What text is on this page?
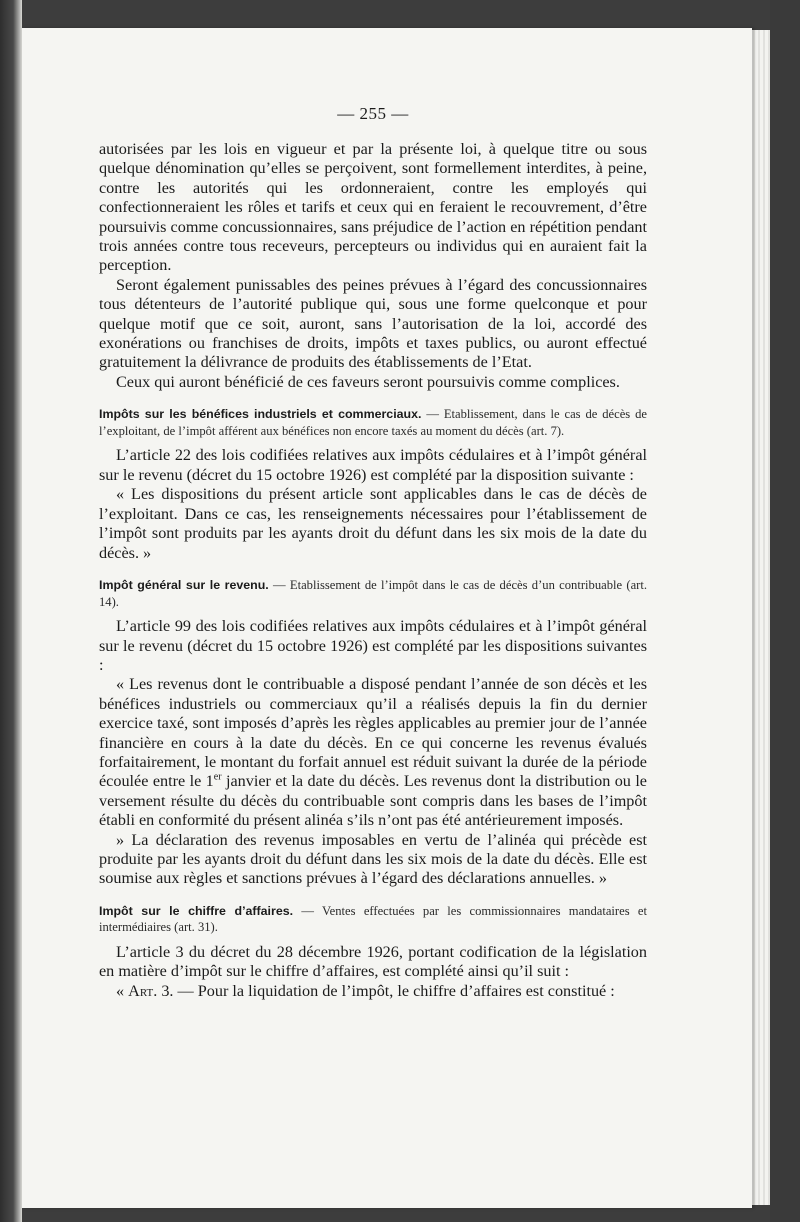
— 255 —

autorisées par les lois en vigueur et par la présente loi, à quelque titre ou sous quelque dénomination qu’elles se perçoivent, sont formellement interdites, à peine, contre les autorités qui les ordonneraient, contre les employés qui confectionneraient les rôles et tarifs et ceux qui en feraient le recouvrement, d’être poursuivis comme concussionnaires, sans préjudice de l’action en répétition pendant trois années contre tous receveurs, percepteurs ou individus qui en auraient fait la perception.

Seront également punissables des peines prévues à l’égard des concussionnaires tous détenteurs de l’autorité publique qui, sous une forme quelconque et pour quelque motif que ce soit, auront, sans l’autorisation de la loi, accordé des exonérations ou franchises de droits, impôts et taxes publics, ou auront effectué gratuitement la délivrance de produits des établissements de l’Etat.

Ceux qui auront bénéficié de ces faveurs seront poursuivis comme complices.

Impôts sur les bénéfices industriels et commerciaux. — Etablissement, dans le cas de décès de l’exploitant, de l’impôt afférent aux bénéfices non encore taxés au moment du décès (art. 7).

L’article 22 des lois codifiées relatives aux impôts cédulaires et à l’impôt général sur le revenu (décret du 15 octobre 1926) est complété par la disposition suivante :

« Les dispositions du présent article sont applicables dans le cas de décès de l’exploitant. Dans ce cas, les renseignements nécessaires pour l’établissement de l’impôt sont produits par les ayants droit du défunt dans les six mois de la date du décès. »

Impôt général sur le revenu. — Etablissement de l’impôt dans le cas de décès d’un contribuable (art. 14).

L’article 99 des lois codifiées relatives aux impôts cédulaires et à l’impôt général sur le revenu (décret du 15 octobre 1926) est complété par les dispositions suivantes :

« Les revenus dont le contribuable a disposé pendant l’année de son décès et les bénéfices industriels ou commerciaux qu’il a réalisés depuis la fin du dernier exercice taxé, sont imposés d’après les règles applicables au premier jour de l’année financière en cours à la date du décès. En ce qui concerne les revenus évalués forfaitairement, le montant du forfait annuel est réduit suivant la durée de la période écoulée entre le 1er janvier et la date du décès. Les revenus dont la distribution ou le versement résulte du décès du contribuable sont compris dans les bases de l’impôt établi en conformité du présent alinéa s’ils n’ont pas été antérieurement imposés.

» La déclaration des revenus imposables en vertu de l’alinéa qui précède est produite par les ayants droit du défunt dans les six mois de la date du décès. Elle est soumise aux règles et sanctions prévues à l’égard des déclarations annuelles. »

Impôt sur le chiffre d’affaires. — Ventes effectuées par les commissionnaires mandataires et intermédiaires (art. 31).

L’article 3 du décret du 28 décembre 1926, portant codification de la législation en matière d’impôt sur le chiffre d’affaires, est complété ainsi qu’il suit :

« Art. 3. — Pour la liquidation de l’impôt, le chiffre d’affaires est constitué :
